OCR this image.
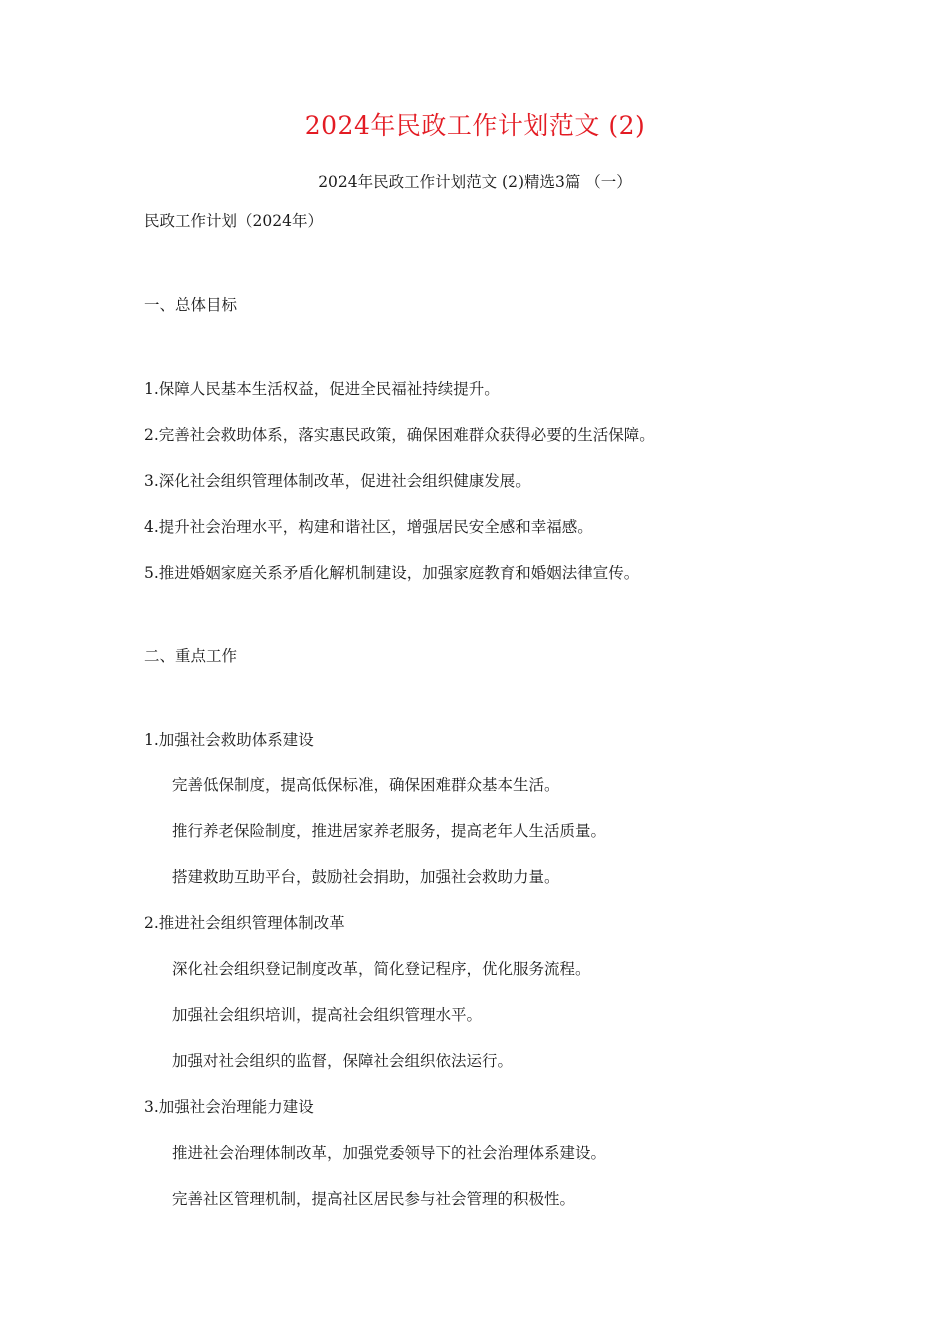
2024年民政工作计划范文 (2)
2024年民政工作计划范文 (2)精选3篇 （一）
民政工作计划（2024年）
一、总体目标
1.保障人民基本生活权益，促进全民福祉持续提升。
2.完善社会救助体系，落实惠民政策，确保困难群众获得必要的生活保障。
3.深化社会组织管理体制改革，促进社会组织健康发展。
4.提升社会治理水平，构建和谐社区，增强居民安全感和幸福感。
5.推进婚姻家庭关系矛盾化解机制建设，加强家庭教育和婚姻法律宣传。
二、重点工作
1.加强社会救助体系建设
完善低保制度，提高低保标准，确保困难群众基本生活。
推行养老保险制度，推进居家养老服务，提高老年人生活质量。
搭建救助互助平台，鼓励社会捐助，加强社会救助力量。
2.推进社会组织管理体制改革
深化社会组织登记制度改革，简化登记程序，优化服务流程。
加强社会组织培训，提高社会组织管理水平。
加强对社会组织的监督，保障社会组织依法运行。
3.加强社会治理能力建设
推进社会治理体制改革，加强党委领导下的社会治理体系建设。
完善社区管理机制，提高社区居民参与社会管理的积极性。
